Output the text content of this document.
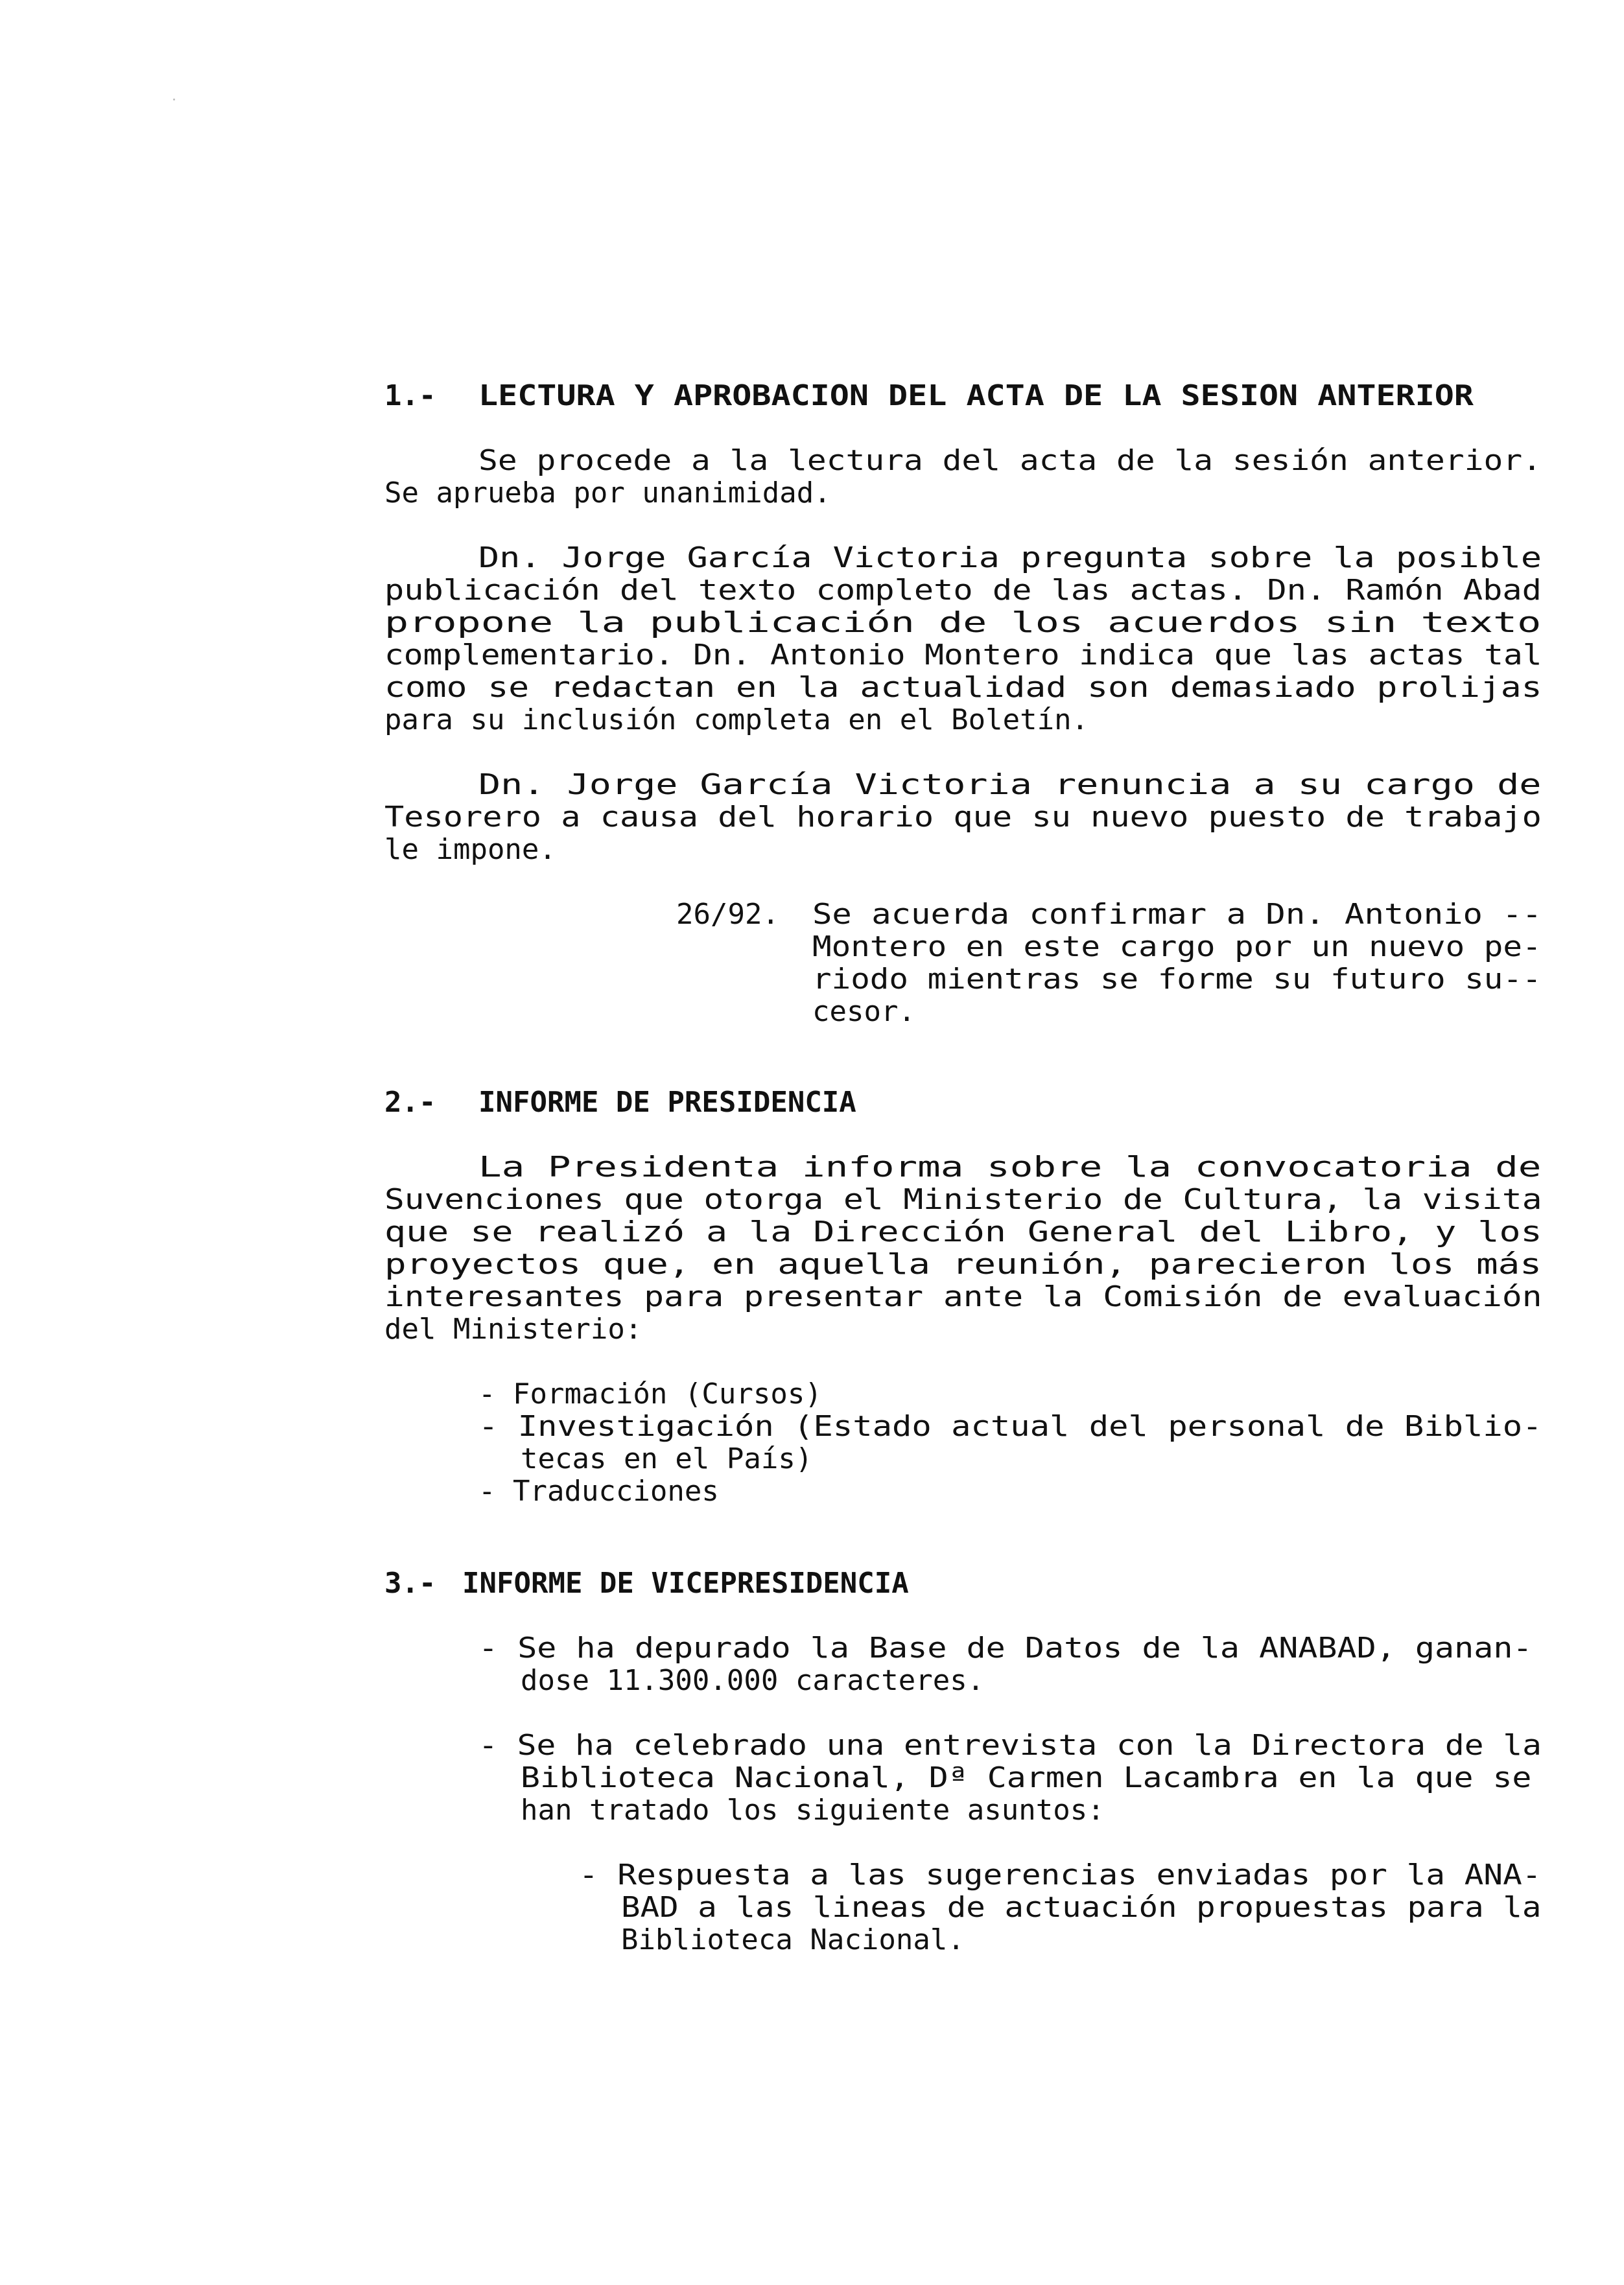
1.- LECTURA Y APROBACION DEL ACTA DE LA SESION ANTERIOR
Se procede a la lectura del acta de la sesión anterior.
Se aprueba por unanimidad.
Dn. Jorge García Victoria pregunta sobre la posible
publicación del texto completo de las actas. Dn. Ramón Abad
propone la publicación de los acuerdos sin texto
complementario. Dn. Antonio Montero indica que las actas tal
como se redactan en la actualidad son demasiado prolijas
para su inclusión completa en el Boletín.
Dn. Jorge García Victoria renuncia a su cargo de
Tesorero a causa del horario que su nuevo puesto de trabajo
le impone.
26/92. Se acuerda confirmar a Dn. Antonio --
Montero en este cargo por un nuevo pe-
riodo mientras se forme su futuro su--
cesor.
2.- INFORME DE PRESIDENCIA
La Presidenta informa sobre la convocatoria de
Suvenciones que otorga el Ministerio de Cultura, la visita
que se realizó a la Dirección General del Libro, y los
proyectos que, en aquella reunión, parecieron los más
interesantes para presentar ante la Comisión de evaluación
del Ministerio:
- Formación (Cursos)
- Investigación (Estado actual del personal de Biblio-
tecas en el País)
- Traducciones
3.- INFORME DE VICEPRESIDENCIA
- Se ha depurado la Base de Datos de la ANABAD, ganan-
dose 11.300.000 caracteres.
- Se ha celebrado una entrevista con la Directora de la
Biblioteca Nacional, Dª Carmen Lacambra en la que se
han tratado los siguiente asuntos:
- Respuesta a las sugerencias enviadas por la ANA-
BAD a las lineas de actuación propuestas para la
Biblioteca Nacional.
